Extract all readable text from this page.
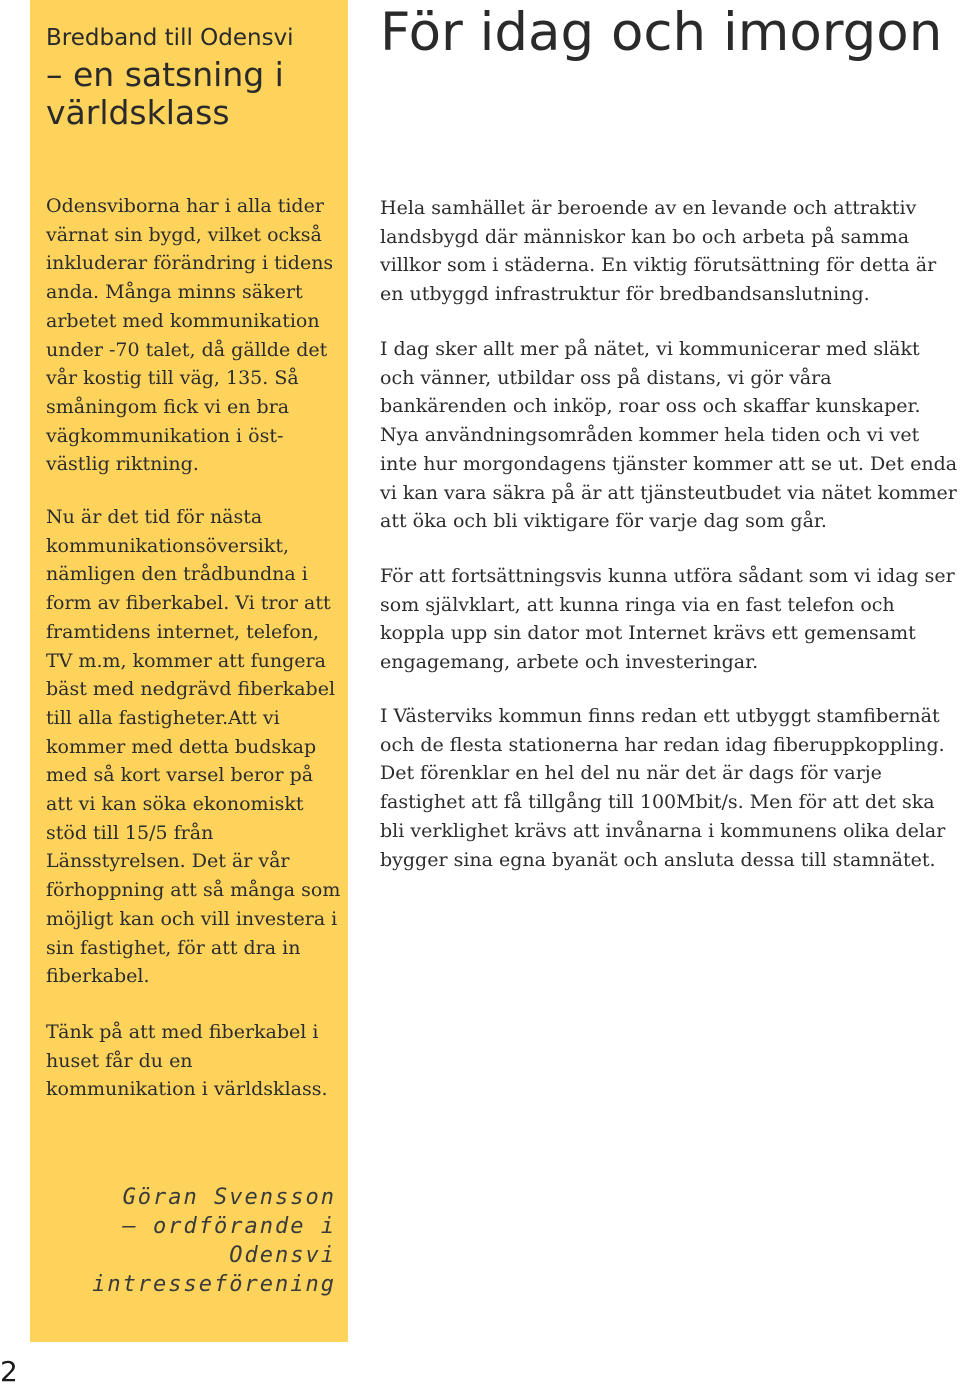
Bredband till Odensvi
– en satsning i världsklass

Odensviborna har i alla tider värnat sin bygd, vilket också inkluderar förändring i tidens anda. Många minns säkert arbetet med kommunikation under -70 talet, då gällde det vår kostig till väg, 135. Så småningom fick vi en bra vägkommunikation i öst- västlig riktning.

Nu är det tid för nästa kommunikationsöversikt, nämligen den trådbundna i form av fiberkabel. Vi tror att framtidens internet, telefon, TV m.m, kommer att fungera bäst med nedgrävd fiberkabel till alla fastigheter.Att vi kommer med detta budskap med så kort varsel beror på att vi kan söka ekonomiskt stöd till 15/5 från Länsstyrelsen. Det är vår förhoppning att så många som möjligt kan och vill investera i sin fastighet, för att dra in fiberkabel.

Tänk på att med fiberkabel i huset får du en kommunikation i världsklass.

Göran Svensson
– ordförande i Odensvi
intresseförening
För idag och imorgon

Hela samhället är beroende av en levande och attraktiv landsbygd där människor kan bo och arbeta på samma villkor som i städerna. En viktig förutsättning för detta är en utbyggd infrastruktur för bredbandsanslutning.

I dag sker allt mer på nätet, vi kommunicerar med släkt och vänner, utbildar oss på distans, vi gör våra bankärenden och inköp, roar oss och skaffar kunskaper. Nya användningsområden kommer hela tiden och vi vet inte hur morgondagens tjänster kommer att se ut. Det enda vi kan vara säkra på är att tjänsteutbudet via nätet kommer att öka och bli viktigare för varje dag som går.

För att fortsättningsvis kunna utföra sådant som vi idag ser som självklart, att kunna ringa via en fast telefon och koppla upp sin dator mot Internet krävs ett gemensamt engagemang, arbete och investeringar.

I Västerviks kommun finns redan ett utbyggt stamfibernät och de flesta stationerna har redan idag fiberuppkoppling. Det förenklar en hel del nu när det är dags för varje fastighet att få tillgång till 100Mbit/s. Men för att det ska bli verklighet krävs att invånarna i kommunens olika delar bygger sina egna byanät och ansluta dessa till stamnätet.

2
